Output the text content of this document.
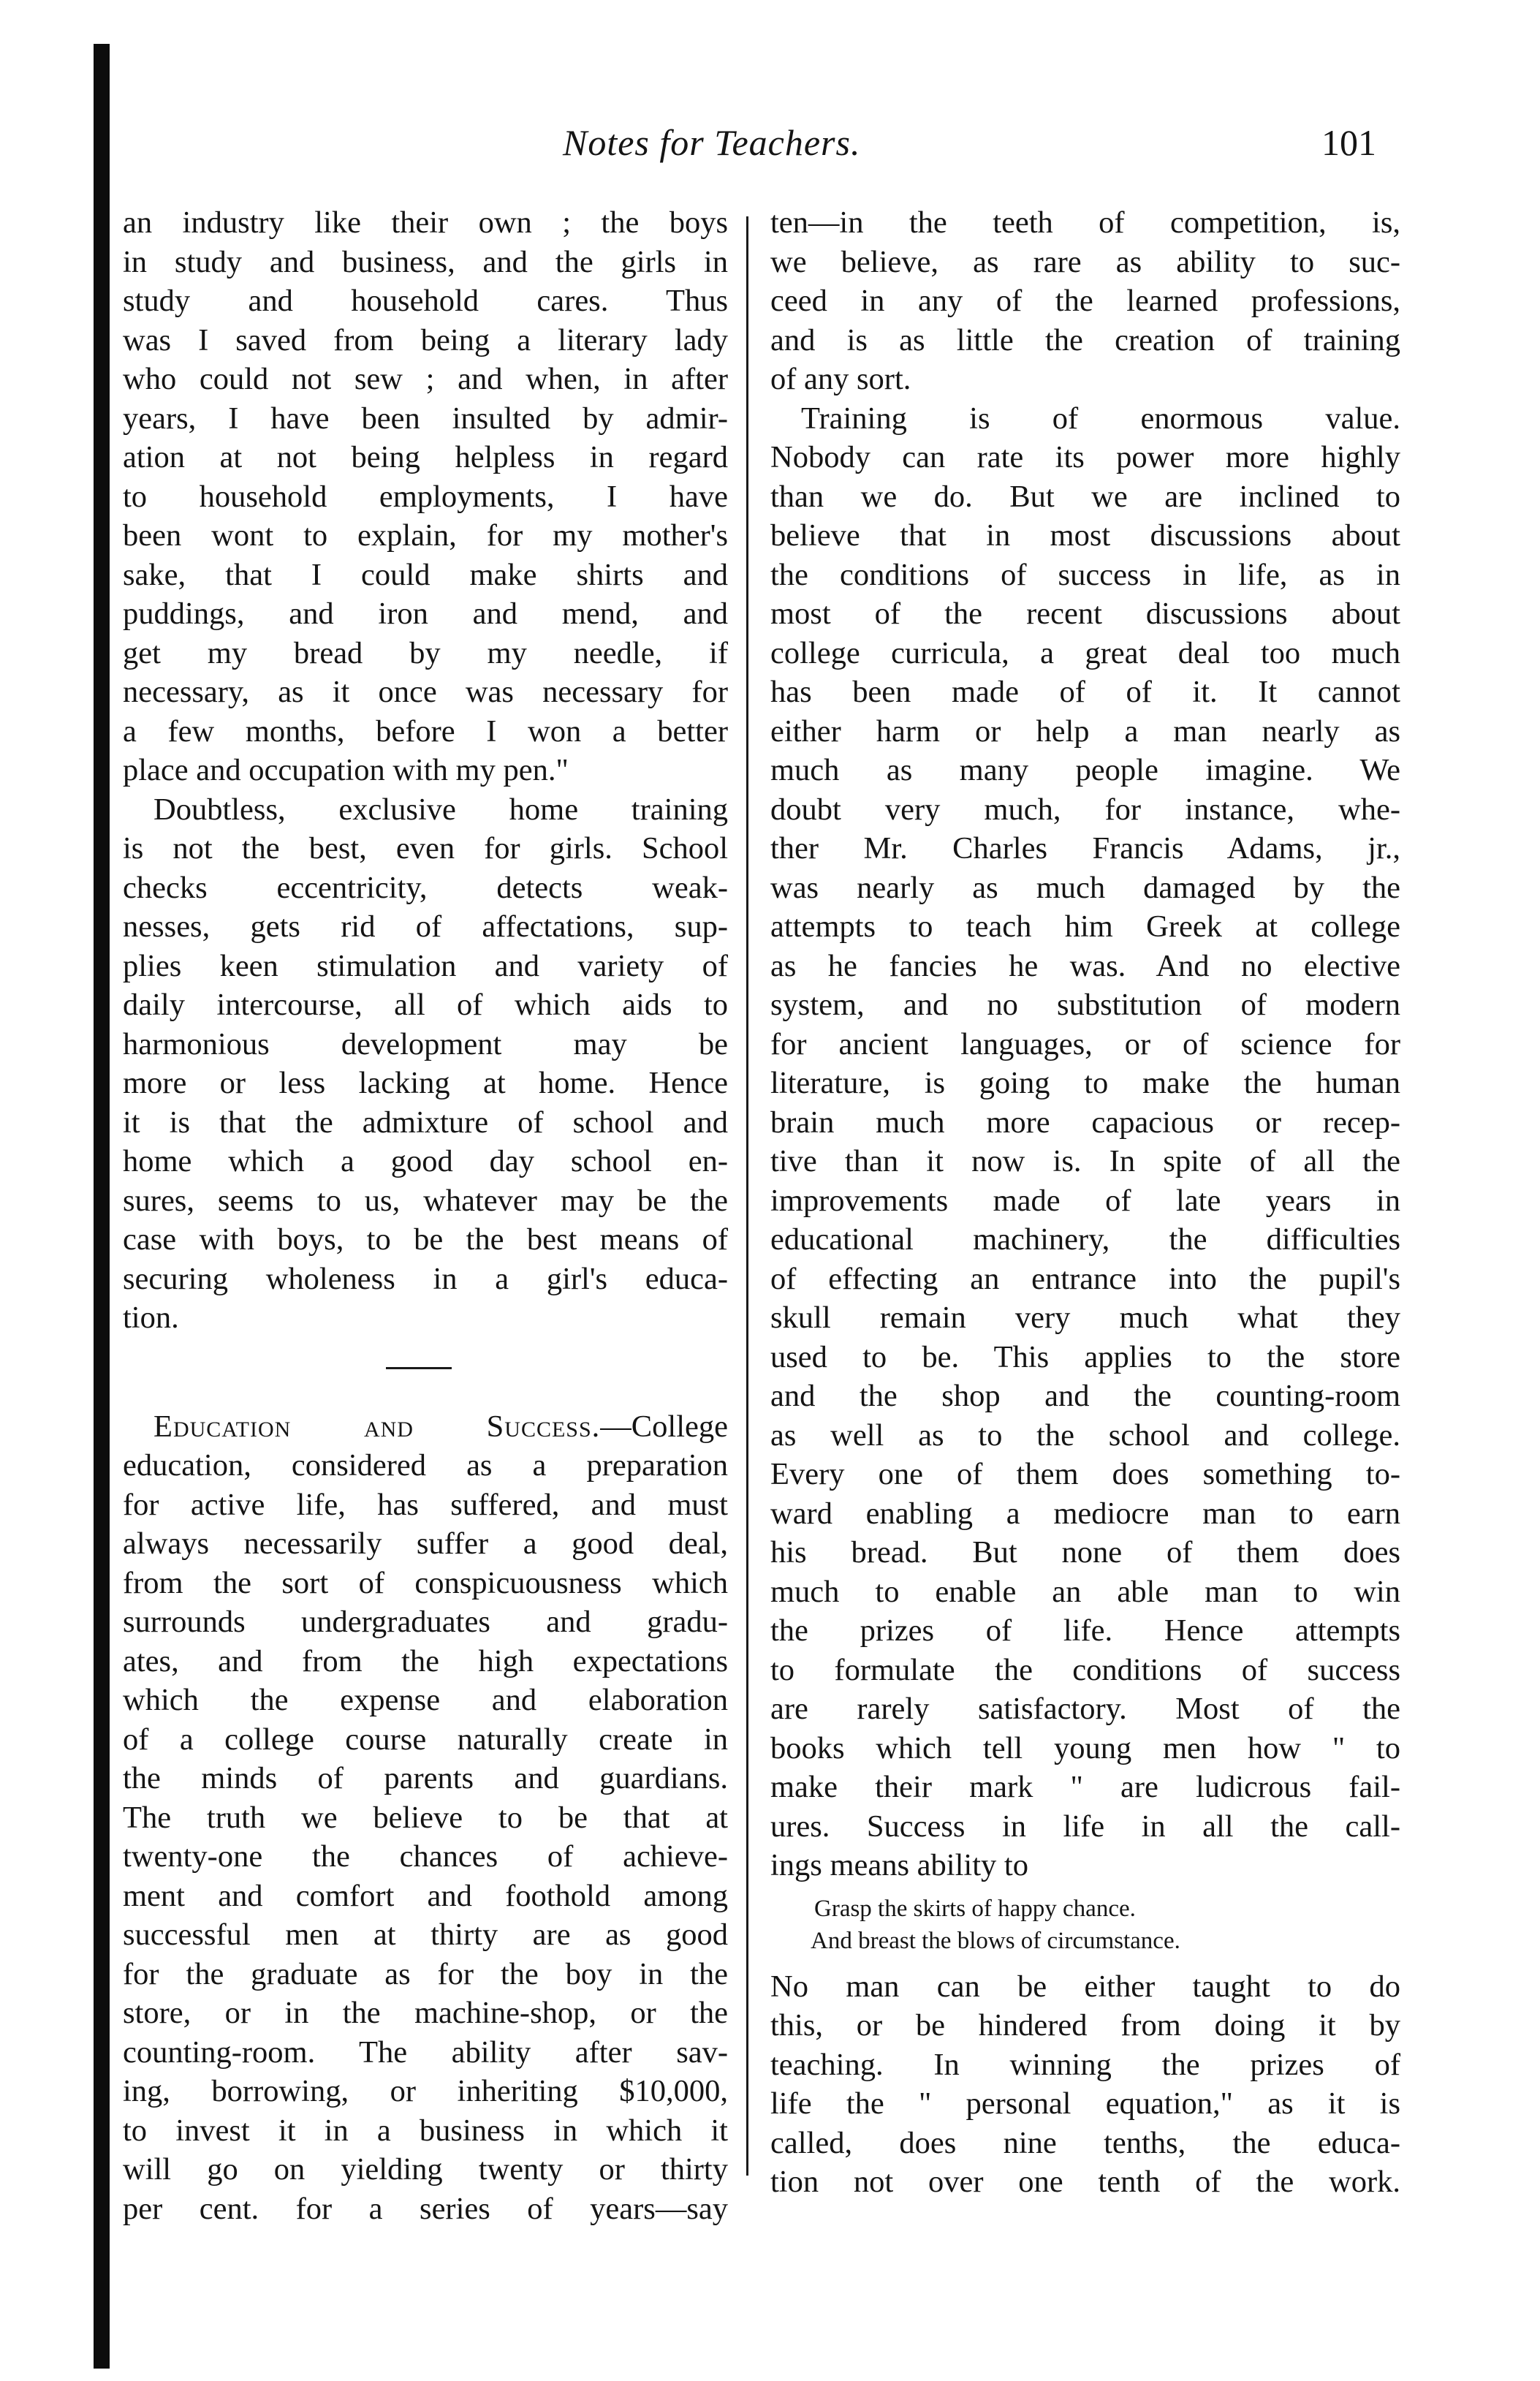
Notes for Teachers.	101
an industry like their own ; the boys
in study and business, and the girls in
study and household cares. Thus
was I saved from being a literary lady
who could not sew ; and when, in after
years, I have been insulted by admir-
ation at not being helpless in regard
to household employments, I have
been wont to explain, for my mother's
sake, that I could make shirts and
puddings, and iron and mend, and
get my bread by my needle, if
necessary, as it once was necessary for
a few months, before I won a better
place and occupation with my pen."
Doubtless, exclusive home training
is not the best, even for girls. School
checks eccentricity, detects weak-
nesses, gets rid of affectations, sup-
plies keen stimulation and variety of
daily intercourse, all of which aids to
harmonious development may be
more or less lacking at home. Hence
it is that the admixture of school and
home which a good day school en-
sures, seems to us, whatever may be the
case with boys, to be the best means of
securing wholeness in a girl's educa-
tion.
Education and Success.—College
education, considered as a preparation
for active life, has suffered, and must
always necessarily suffer a good deal,
from the sort of conspicuousness which
surrounds undergraduates and gradu-
ates, and from the high expectations
which the expense and elaboration
of a college course naturally create in
the minds of parents and guardians.
The truth we believe to be that at
twenty-one the chances of achieve-
ment and comfort and foothold among
successful men at thirty are as good
for the graduate as for the boy in the
store, or in the machine-shop, or the
counting-room. The ability after sav-
ing, borrowing, or inheriting $10,000,
to invest it in a business in which it
will go on yielding twenty or thirty
per cent. for a series of years—say
ten—in the teeth of competition, is,
we believe, as rare as ability to suc-
ceed in any of the learned professions,
and is as little the creation of training
of any sort.
Training is of enormous value.
Nobody can rate its power more highly
than we do. But we are inclined to
believe that in most discussions about
the conditions of success in life, as in
most of the recent discussions about
college curricula, a great deal too much
has been made of of it. It cannot
either harm or help a man nearly as
much as many people imagine. We
doubt very much, for instance, whe-
ther Mr. Charles Francis Adams, jr.,
was nearly as much damaged by the
attempts to teach him Greek at college
as he fancies he was. And no elective
system, and no substitution of modern
for ancient languages, or of science for
literature, is going to make the human
brain much more capacious or recep-
tive than it now is. In spite of all the
improvements made of late years in
educational machinery, the difficulties
of effecting an entrance into the pupil's
skull remain very much what they
used to be. This applies to the store
and the shop and the counting-room
as well as to the school and college.
Every one of them does something to-
ward enabling a mediocre man to earn
his bread. But none of them does
much to enable an able man to win
the prizes of life. Hence attempts
to formulate the conditions of success
are rarely satisfactory. Most of the
books which tell young men how " to
make their mark " are ludicrous fail-
ures. Success in life in all the call-
ings means ability to
Grasp the skirts of happy chance.
And breast the blows of circumstance.
No man can be either taught to do
this, or be hindered from doing it by
teaching. In winning the prizes of
life the " personal equation," as it is
called, does nine tenths, the educa-
tion not over one tenth of the work.
